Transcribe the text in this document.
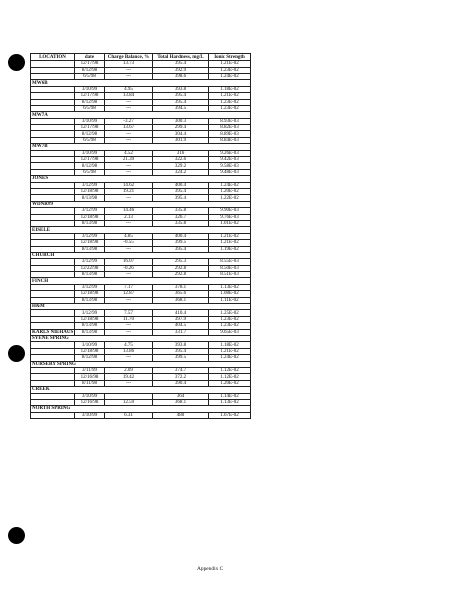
LOCATION	date	Charge Balance, %	Total Hardness, mg/L	Ionic Strength
	12/17/98	13.73	395.4	1.21E-02
	8/12/98	---	392.9	1.23E-02
	6/5/98	---	398.6	1.24E-02
MW6B				
	3/10/99	4.95	393.8	1.18E-02
	12/17/98	13.84	395.4	1.21E-02
	8/12/98	---	395.4	1.23E-02
	6/5/98	---	394.5	1.23E-02
MW7A				
	3/10/99	-3.27	300.3	8.93E-03
	12/17/98	13.67	299.4	8.82E-03
	8/12/98	---	304.4	8.89E-03
	6/5/98	---	301.9	8.84E-03
MW7B				
	3/10/99	4.52	316	9.26E-03
	12/17/98	21.39	322.6	9.42E-03
	8/12/98	---	329.2	9.58E-03
	6/5/98	---	324.2	9.48E-03
JONES				
	3/12/99	14.62	400.4	1.24E-02
	12/18/98	19.21	395.4	1.20E-02
	8/13/98	---	395.4	1.22E-02
WDNR#9				
	3/12/99	14.46	335.8	9.90E-03
	12/18/98	2.13	326.7	9.76E-03
	8/13/98	---	335.8	1.01E-02
EISELE				
	3/12/99	4.85	400.4	1.21E-02
	12/18/98	-0.55	399.5	1.21E-02
	8/13/98	---	395.4	1.19E-02
CHURCH				
	3/12/99	16.07	295.3	8.55E-03
	12/22/98	-0.26	292.8	8.50E-03
	8/13/98	---	292.8	8.51E-03
FINCH				
	3/12/99	7.17	378.1	1.13E-02
	12/18/98	12.87	365.6	1.08E-02
	8/13/98	---	368.1	1.11E-02
H&M				
	3/12/99	7.57	410.4	1.25E-02
	12/18/98	11.70	397.9	1.23E-02
	8/13/98	---	404.5	1.23E-02
KARLS NIEHAUS	8/13/98	---	331.7	9.65E-03
SYENE SPRING				
	3/10/99	4.75	393.8	1.18E-02
	12/18/98	13.86	395.4	1.21E-02
	8/12/98	---	399.5	1.24E-02
NURSERY SPRING				
	3/11/99	2.09	374.7	1.12E-02
	12/16/98	19.42	372.2	1.12E-02
	8/11/98	---	390.4	1.20E-02
CREEK				
	3/10/99		364	1.14E-02
	12/16/98	12.59	368.1	1.13E-02
NORTH SPRING				
	3/10/99	6.31	480	1.67E-02
Appendix C
